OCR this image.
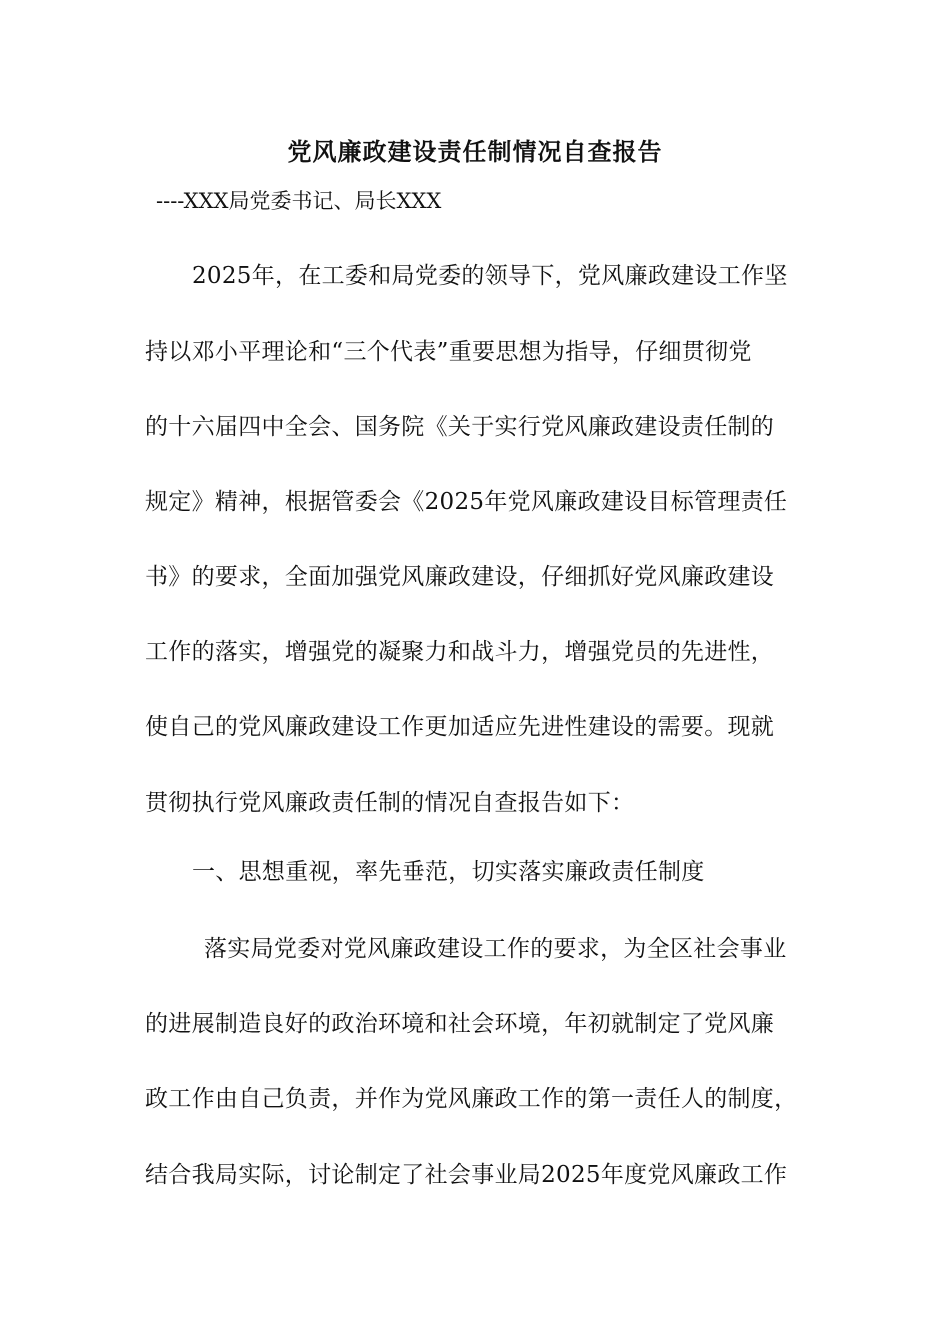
党风廉政建设责任制情况自查报告
----XXX局党委书记、局长XXX
2025年，在工委和局党委的领导下，党风廉政建设工作坚
持以邓小平理论和“三个代表”重要思想为指导，仔细贯彻党
的十六届四中全会、国务院《关于实行党风廉政建设责任制的
规定》精神，根据管委会《2025年党风廉政建设目标管理责任
书》的要求，全面加强党风廉政建设，仔细抓好党风廉政建设
工作的落实，增强党的凝聚力和战斗力，增强党员的先进性，
使自己的党风廉政建设工作更加适应先进性建设的需要。现就
贯彻执行党风廉政责任制的情况自查报告如下：
一、思想重视，率先垂范，切实落实廉政责任制度
落实局党委对党风廉政建设工作的要求，为全区社会事业
的进展制造良好的政治环境和社会环境，年初就制定了党风廉
政工作由自己负责，并作为党风廉政工作的第一责任人的制度，
结合我局实际，讨论制定了社会事业局2025年度党风廉政工作
